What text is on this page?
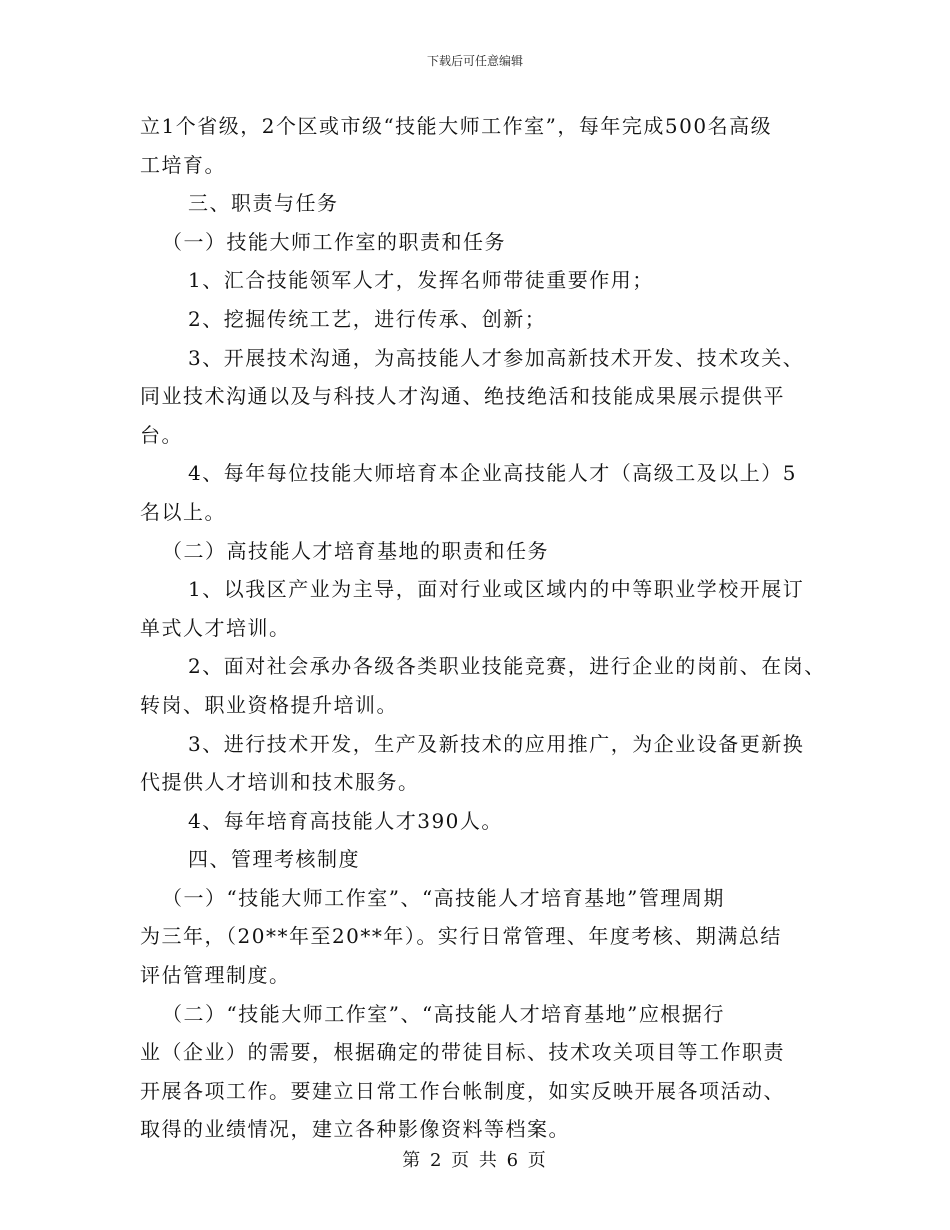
下载后可任意编辑
立1个省级，2个区或市级“技能大师工作室”，每年完成500名高级
工培育。
三、职责与任务
（一）技能大师工作室的职责和任务
1、汇合技能领军人才，发挥名师带徒重要作用；
2、挖掘传统工艺，进行传承、创新；
3、开展技术沟通，为高技能人才参加高新技术开发、技术攻关、
同业技术沟通以及与科技人才沟通、绝技绝活和技能成果展示提供平
台。
4、每年每位技能大师培育本企业高技能人才（高级工及以上）5
名以上。
（二）高技能人才培育基地的职责和任务
1、以我区产业为主导，面对行业或区域内的中等职业学校开展订
单式人才培训。
2、面对社会承办各级各类职业技能竞赛，进行企业的岗前、在岗、
转岗、职业资格提升培训。
3、进行技术开发，生产及新技术的应用推广，为企业设备更新换
代提供人才培训和技术服务。
4、每年培育高技能人才390人。
四、管理考核制度
（一）“技能大师工作室”、“高技能人才培育基地”管理周期
为三年，（20**年至20**年）。实行日常管理、年度考核、期满总结
评估管理制度。
（二）“技能大师工作室”、“高技能人才培育基地”应根据行
业（企业）的需要，根据确定的带徒目标、技术攻关项目等工作职责
开展各项工作。要建立日常工作台帐制度，如实反映开展各项活动、
取得的业绩情况，建立各种影像资料等档案。
第 2 页 共 6 页
